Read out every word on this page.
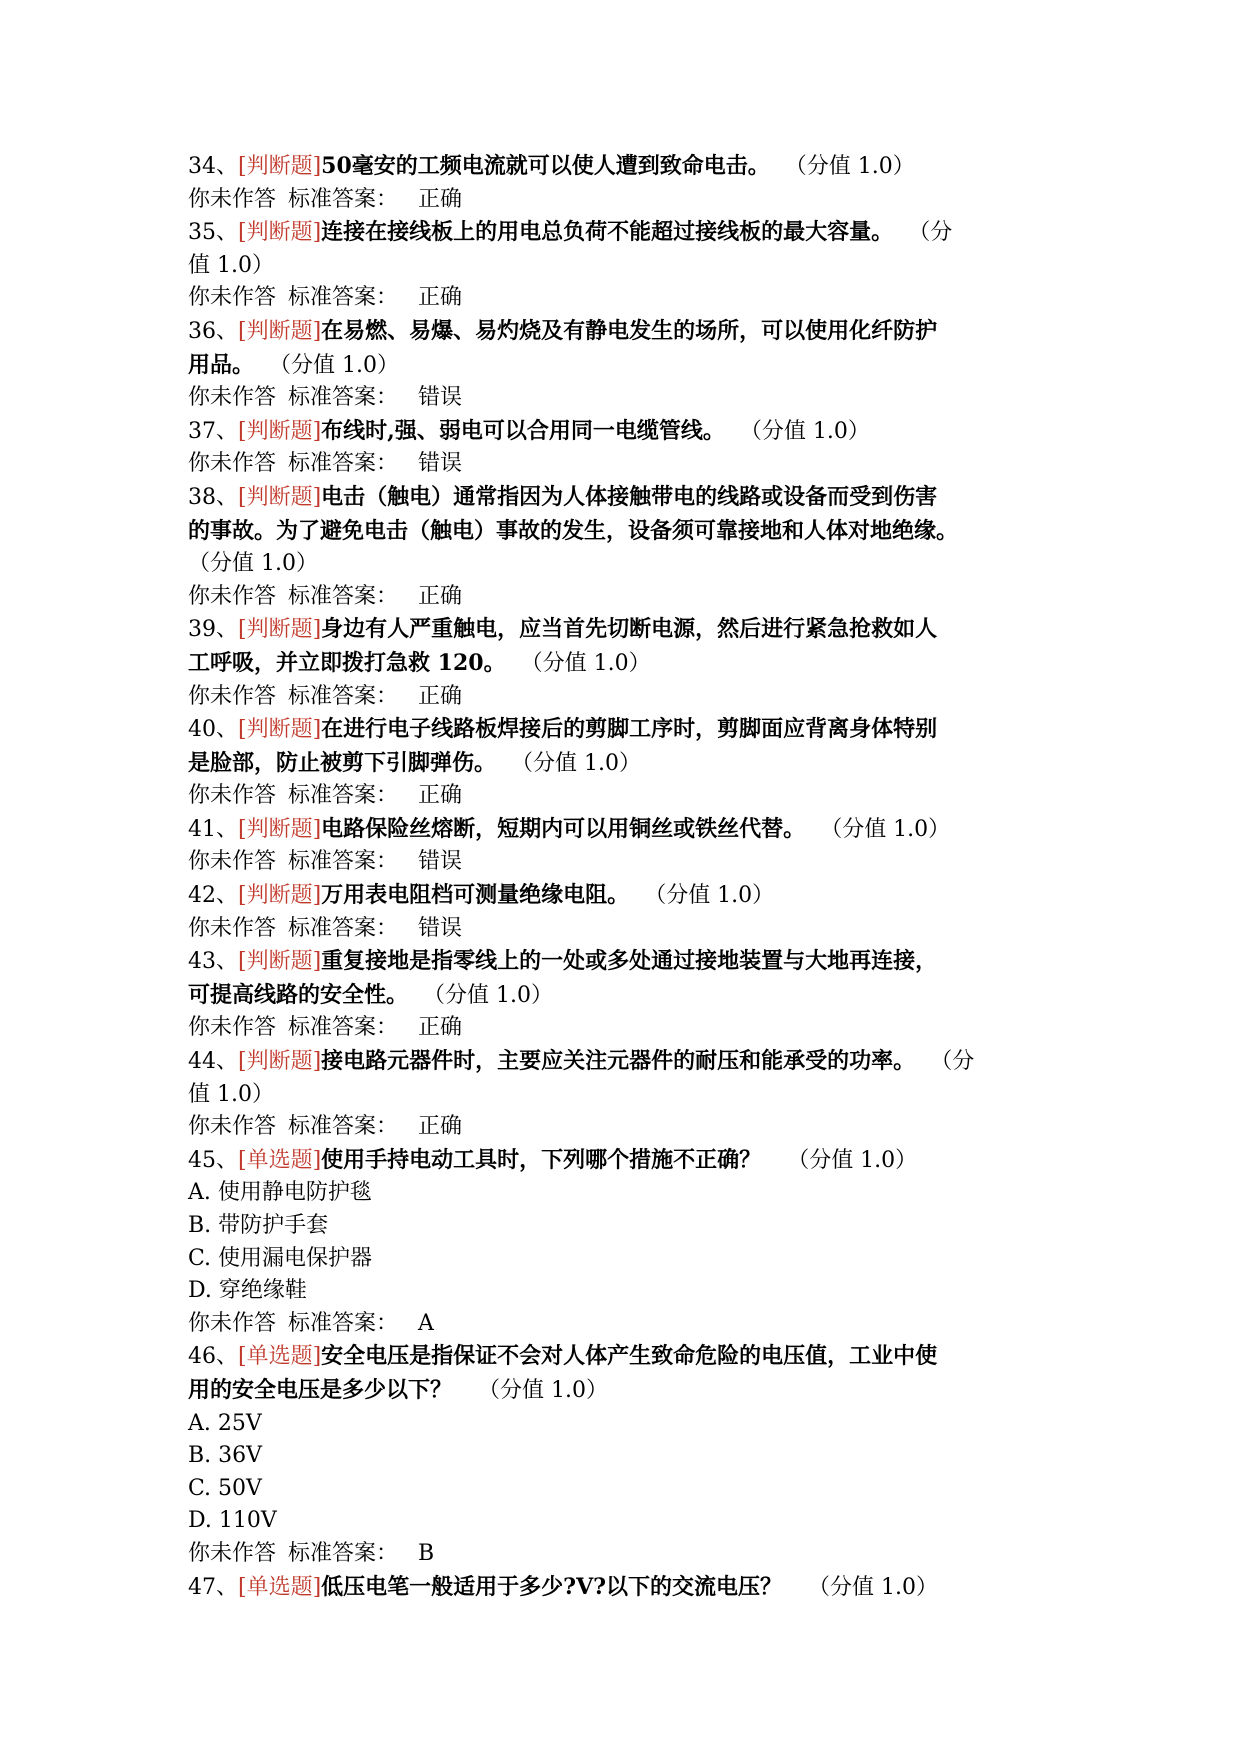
34、[判断题]50毫安的工频电流就可以使人遭到致命电击。 （分值 1.0）
你未作答 标准答案： 正确
35、[判断题]连接在接线板上的用电总负荷不能超过接线板的最大容量。 （分
值 1.0）
你未作答 标准答案： 正确
36、[判断题]在易燃、易爆、易灼烧及有静电发生的场所，可以使用化纤防护
用品。 （分值 1.0）
你未作答 标准答案： 错误
37、[判断题]布线时,强、弱电可以合用同一电缆管线。 （分值 1.0）
你未作答 标准答案： 错误
38、[判断题]电击（触电）通常指因为人体接触带电的线路或设备而受到伤害
的事故。为了避免电击（触电）事故的发生，设备须可靠接地和人体对地绝缘。
（分值 1.0）
你未作答 标准答案： 正确
39、[判断题]身边有人严重触电，应当首先切断电源，然后进行紧急抢救如人
工呼吸，并立即拨打急救 120。 （分值 1.0）
你未作答 标准答案： 正确
40、[判断题]在进行电子线路板焊接后的剪脚工序时，剪脚面应背离身体特别
是脸部，防止被剪下引脚弹伤。 （分值 1.0）
你未作答 标准答案： 正确
41、[判断题]电路保险丝熔断，短期内可以用铜丝或铁丝代替。 （分值 1.0）
你未作答 标准答案： 错误
42、[判断题]万用表电阻档可测量绝缘电阻。 （分值 1.0）
你未作答 标准答案： 错误
43、[判断题]重复接地是指零线上的一处或多处通过接地装置与大地再连接，
可提高线路的安全性。 （分值 1.0）
你未作答 标准答案： 正确
44、[判断题]接电路元器件时，主要应关注元器件的耐压和能承受的功率。 （分
值 1.0）
你未作答 标准答案： 正确
45、[单选题]使用手持电动工具时，下列哪个措施不正确？ （分值 1.0）
A. 使用静电防护毯
B. 带防护手套
C. 使用漏电保护器
D. 穿绝缘鞋
你未作答 标准答案： A
46、[单选题]安全电压是指保证不会对人体产生致命危险的电压值，工业中使
用的安全电压是多少以下？ （分值 1.0）
A. 25V
B. 36V
C. 50V
D. 110V
你未作答 标准答案： B
47、[单选题]低压电笔一般适用于多少?V?以下的交流电压？ （分值 1.0）
